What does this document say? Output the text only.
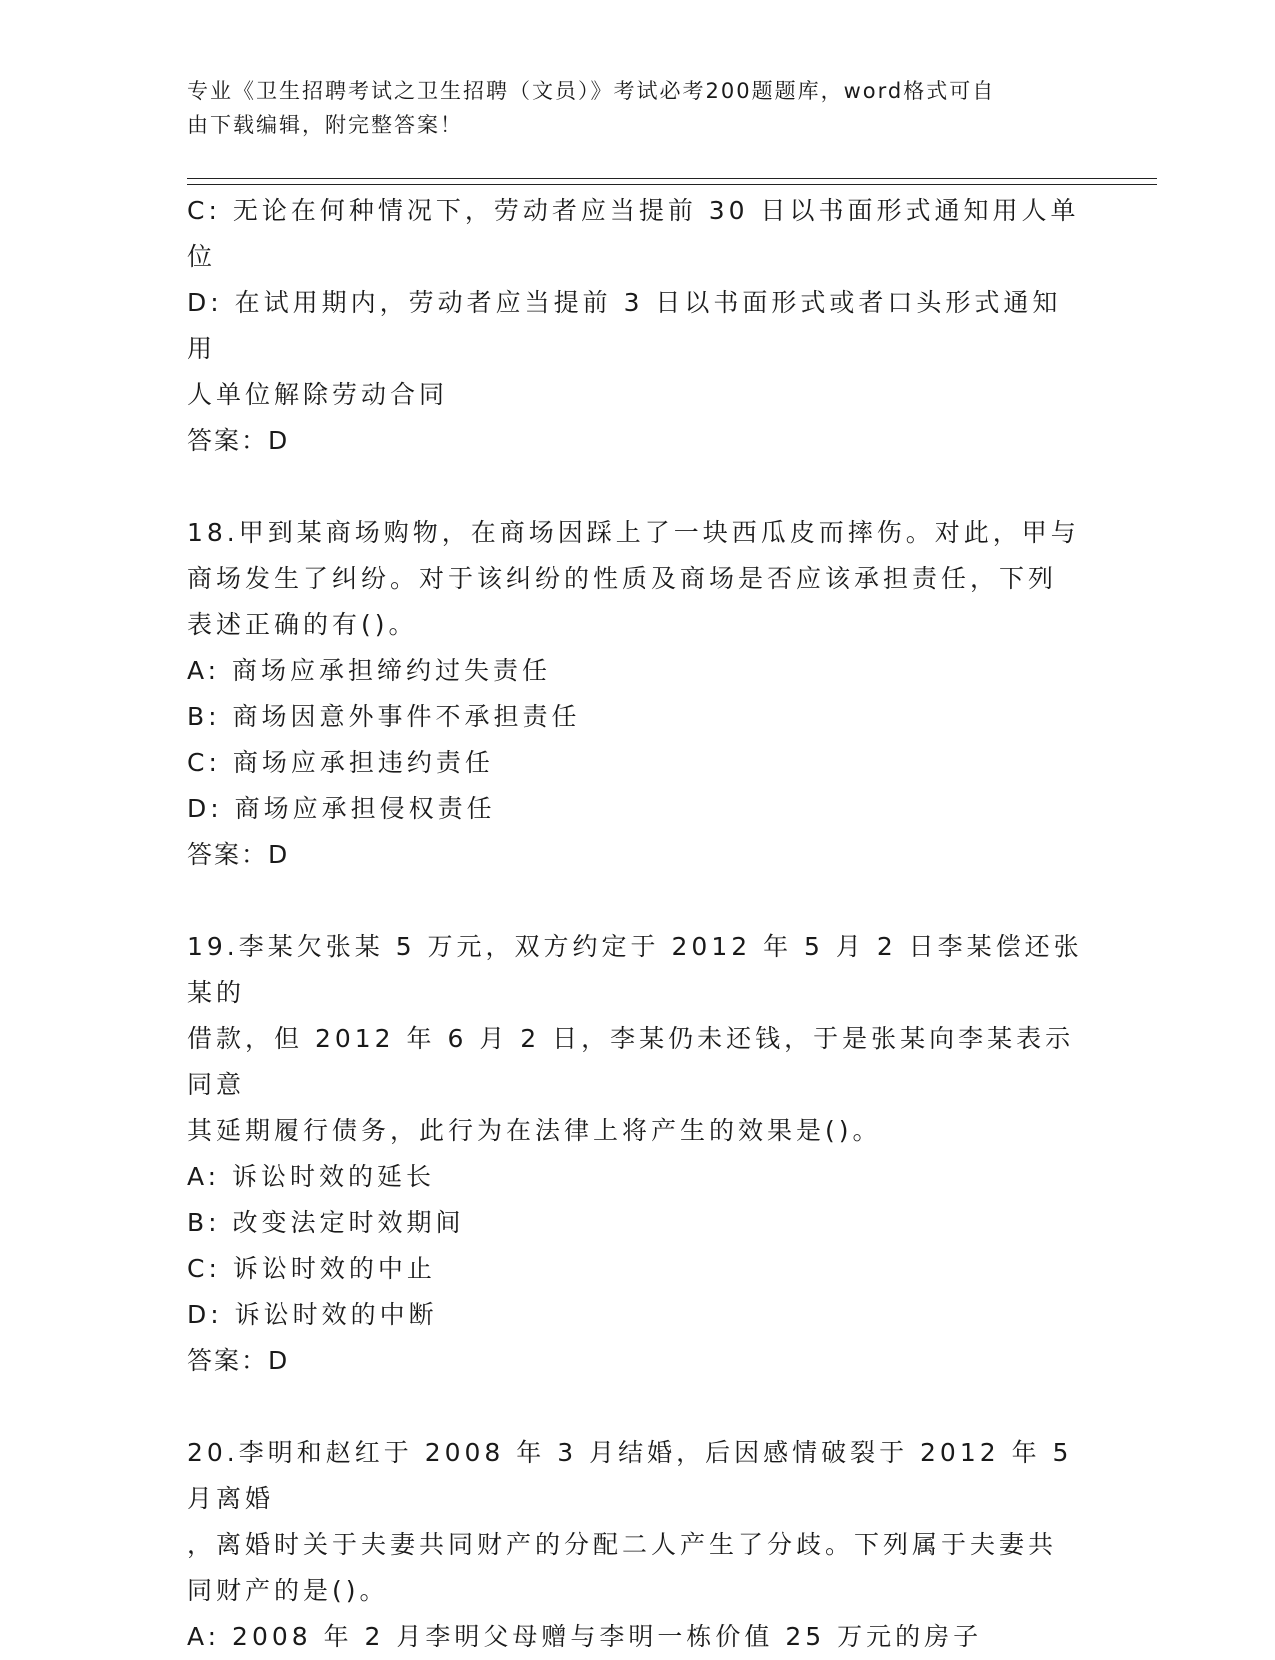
专业《卫生招聘考试之卫生招聘（文员）》考试必考200题题库，word格式可自
由下载编辑，附完整答案！
C: 无论在何种情况下，劳动者应当提前 30 日以书面形式通知用人单
位
D: 在试用期内，劳动者应当提前 3 日以书面形式或者口头形式通知用
人单位解除劳动合同
答案：D
18.甲到某商场购物，在商场因踩上了一块西瓜皮而摔伤。对此，甲与
商场发生了纠纷。对于该纠纷的性质及商场是否应该承担责任，下列
表述正确的有()。
A: 商场应承担缔约过失责任
B: 商场因意外事件不承担责任
C: 商场应承担违约责任
D: 商场应承担侵权责任
答案：D
19.李某欠张某 5 万元，双方约定于 2012 年 5 月 2 日李某偿还张某的
借款，但 2012 年 6 月 2 日，李某仍未还钱，于是张某向李某表示同意
其延期履行债务，此行为在法律上将产生的效果是()。
A: 诉讼时效的延长
B: 改变法定时效期间
C: 诉讼时效的中止
D: 诉讼时效的中断
答案：D
20.李明和赵红于 2008 年 3 月结婚，后因感情破裂于 2012 年 5 月离婚
，离婚时关于夫妻共同财产的分配二人产生了分歧。下列属于夫妻共
同财产的是()。
A: 2008 年 2 月李明父母赠与李明一栋价值 25 万元的房子
